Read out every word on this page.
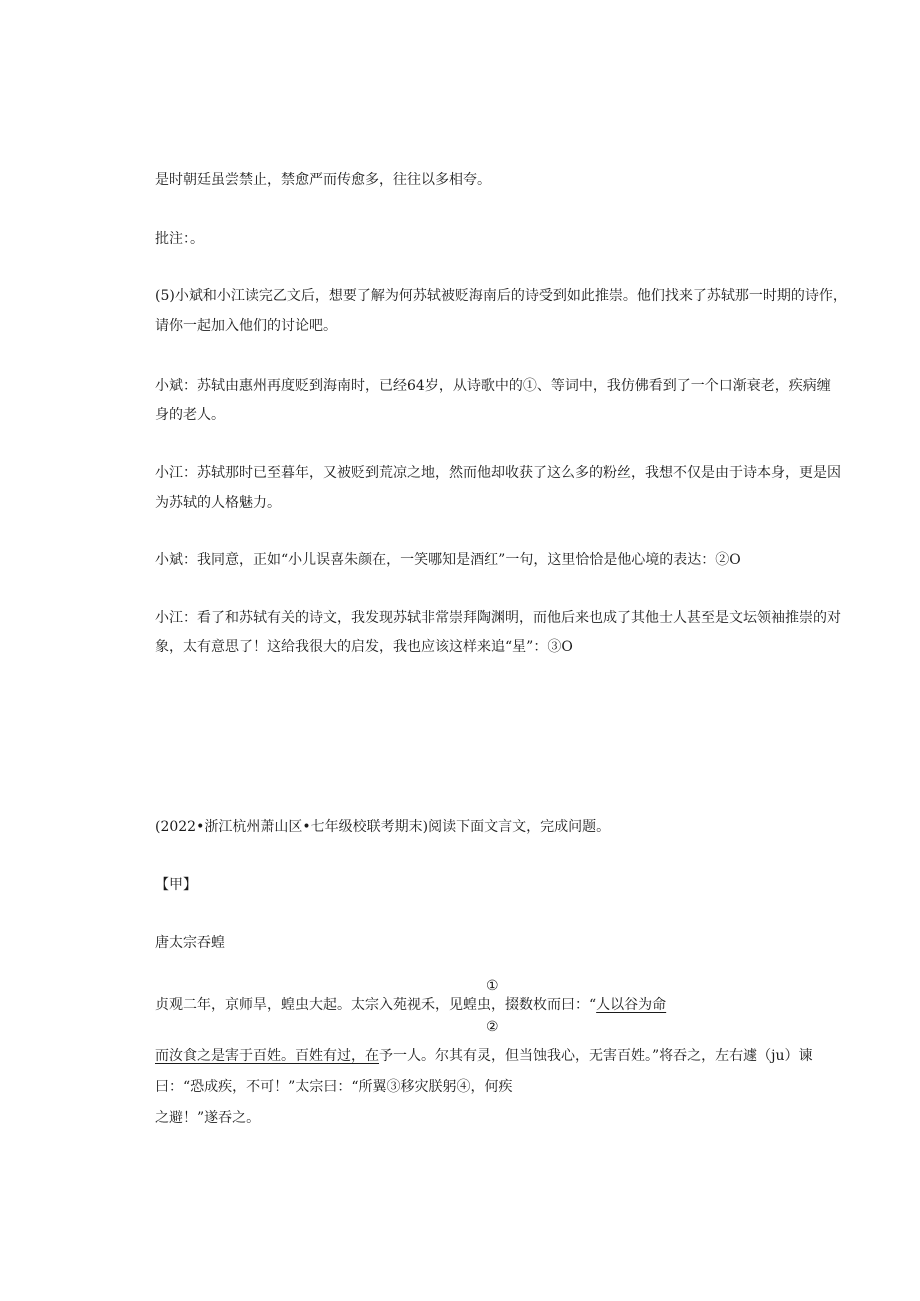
是时朝廷虽尝禁止，禁愈严而传愈多，往往以多相夸。
批注：。
(5)小斌和小江读完乙文后，想要了解为何苏轼被贬海南后的诗受到如此推崇。他们找来了苏轼那一时期的诗作，
请你一起加入他们的讨论吧。
小斌：苏轼由惠州再度贬到海南时，已经64岁，从诗歌中的①、等词中，我仿佛看到了一个口渐衰老，疾病缠
身的老人。
小江：苏轼那时已至暮年，又被贬到荒凉之地，然而他却收获了这么多的粉丝，我想不仅是由于诗本身，更是因
为苏轼的人格魅力。
小斌：我同意，正如“小儿误喜朱颜在，一笑哪知是酒红”一句，这里恰恰是他心境的表达：②O
小江：看了和苏轼有关的诗文，我发现苏轼非常崇拜陶渊明，而他后来也成了其他士人甚至是文坛领袖推崇的对
象，太有意思了！这给我很大的启发，我也应该这样来追“星”：③O
(2022•浙江杭州萧山区•七年级校联考期末)阅读下面文言文，完成问题。
【甲】
唐太宗吞蝗
①
贞观二年，京师旱，蝗虫大起。太宗入苑视禾，见蝗虫，掇数枚而曰：“人以谷为命
②
而汝食之是害于百姓。百姓有过，在予一人。尔其有灵，但当蚀我心，无害百姓。”将吞之，左右遽（ju）谏
曰：“恐成疾，不可！”太宗曰：“所翼③移灾朕躬④，何疾
之避！”遂吞之。
